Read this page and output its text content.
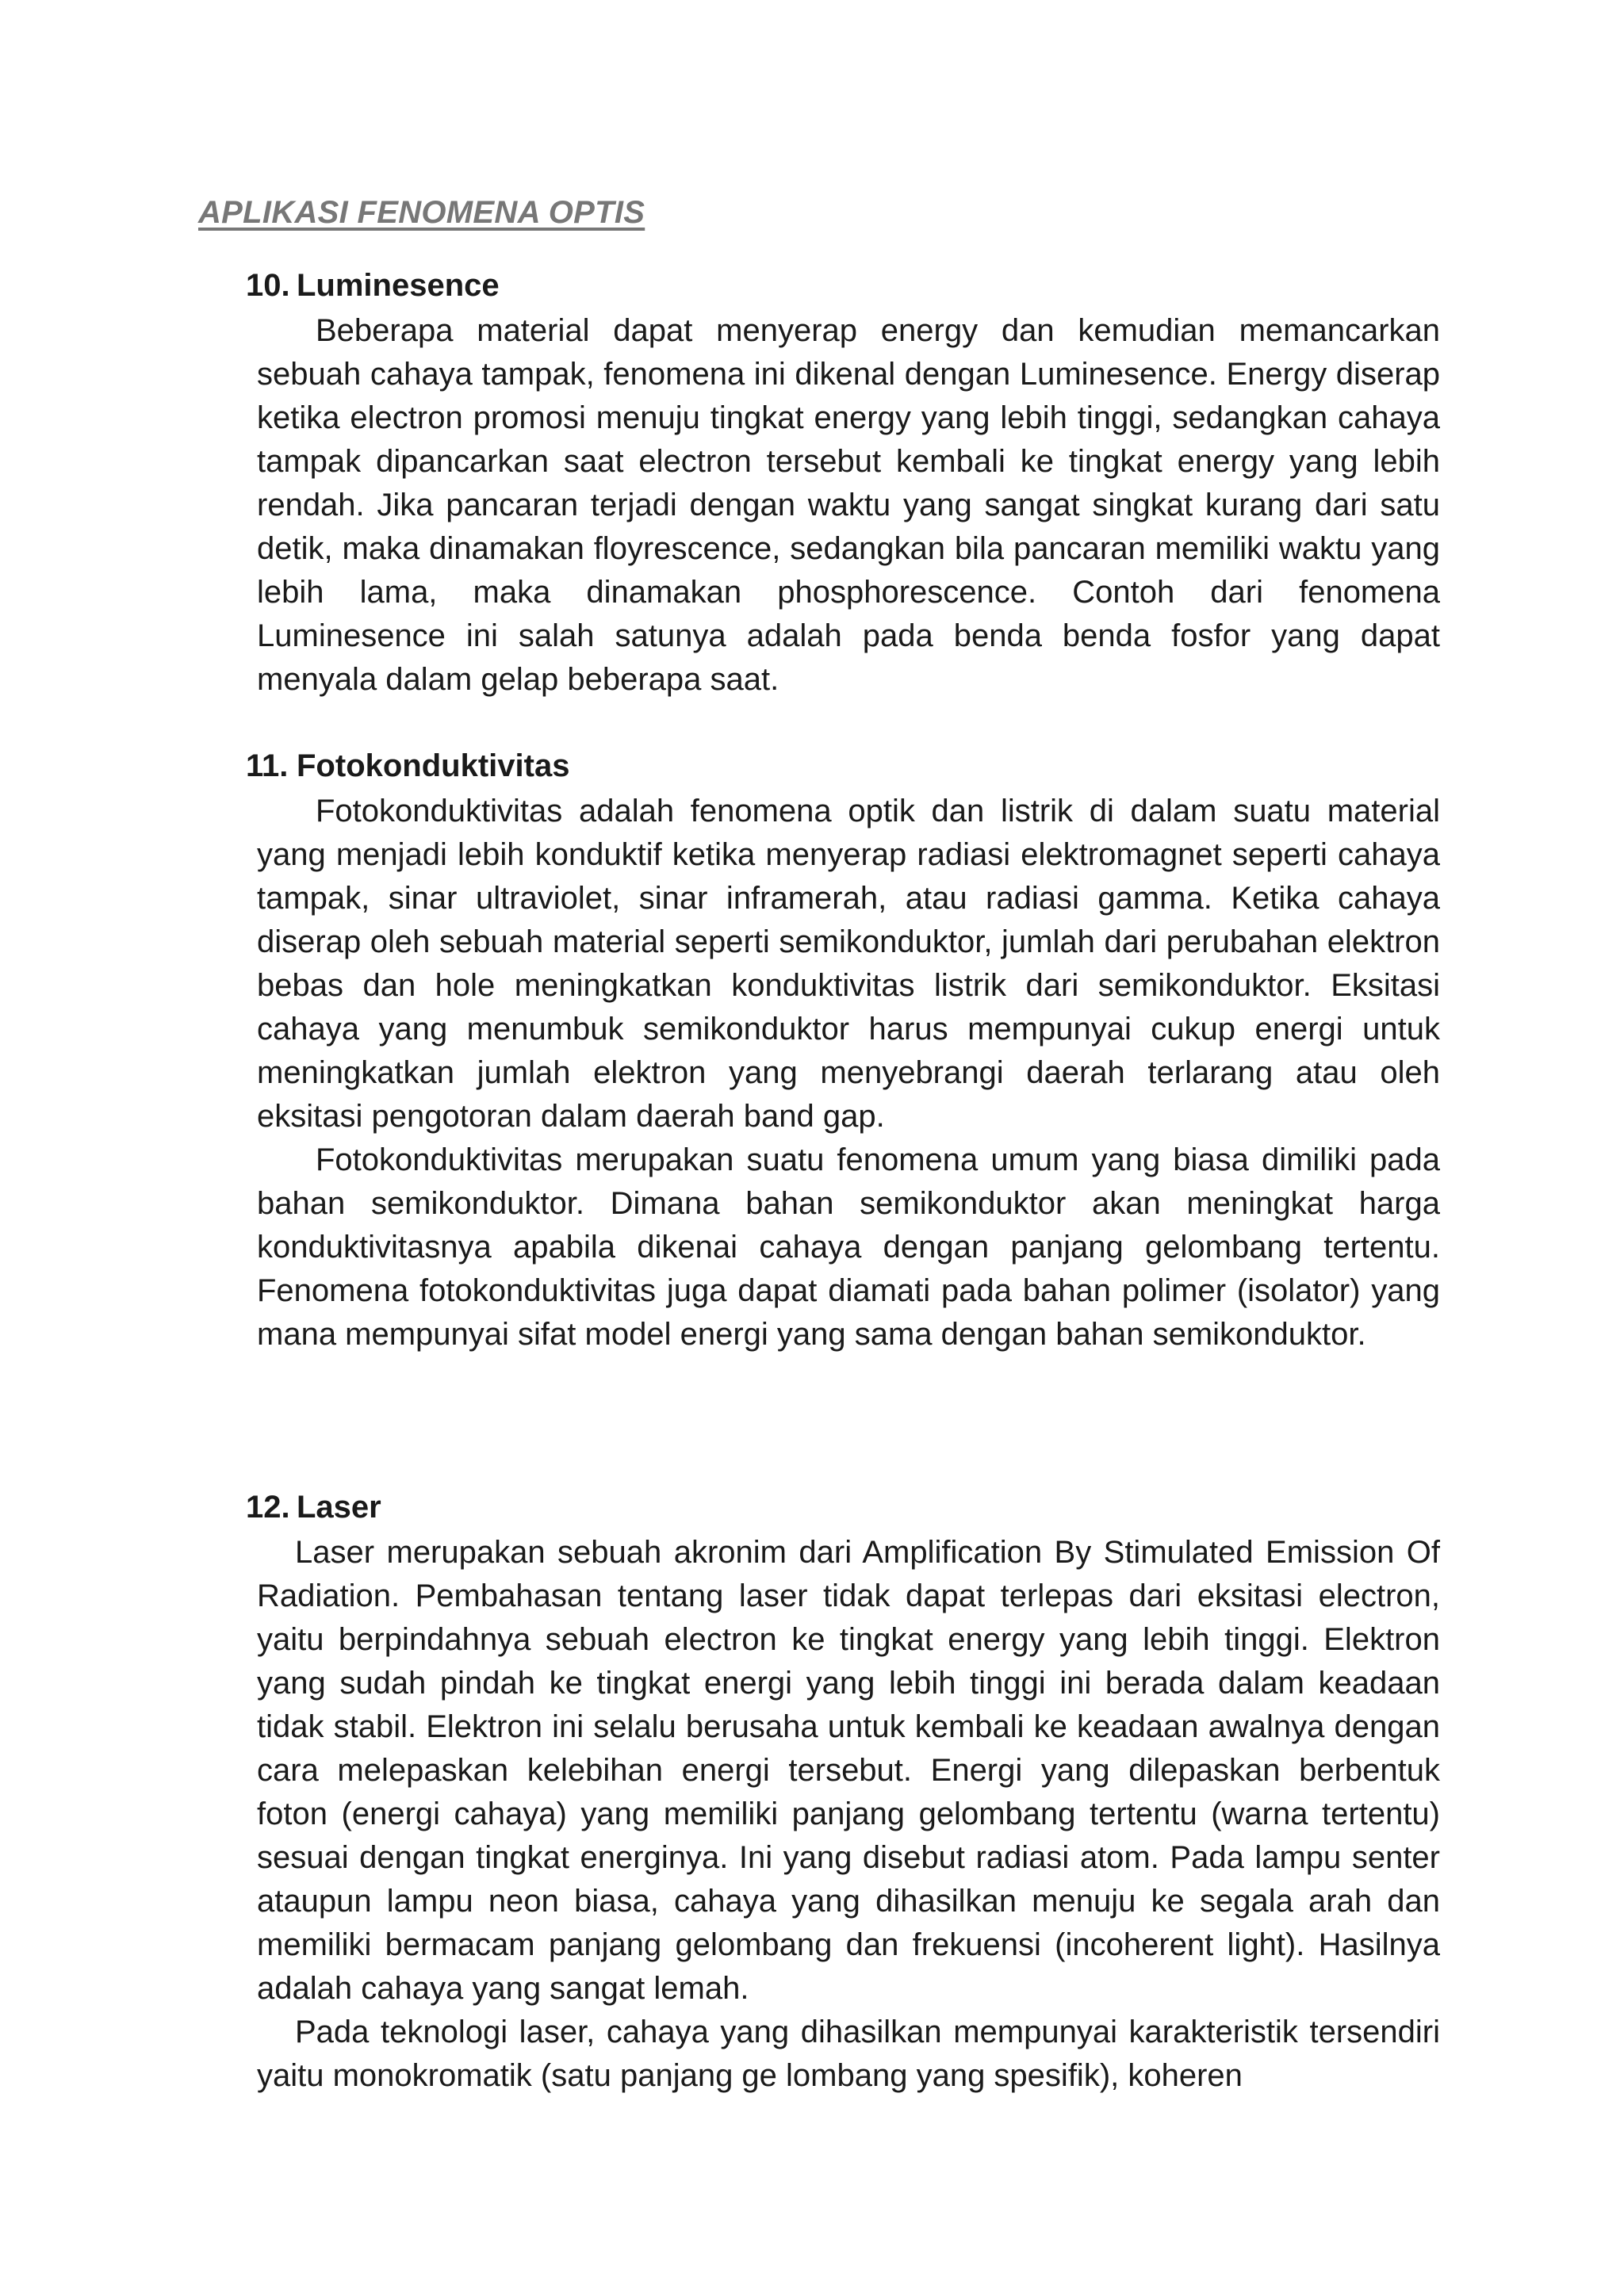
APLIKASI FENOMENA OPTIS
10. Luminesence

Beberapa material dapat menyerap energy dan kemudian memancarkan sebuah cahaya tampak, fenomena ini dikenal dengan Luminesence. Energy diserap ketika electron promosi menuju tingkat energy yang lebih tinggi, sedangkan cahaya tampak dipancarkan saat electron tersebut kembali ke tingkat energy yang lebih rendah. Jika pancaran terjadi dengan waktu yang sangat singkat kurang dari satu detik, maka dinamakan floyrescence, sedangkan bila pancaran memiliki waktu yang lebih lama, maka dinamakan phosphorescence. Contoh dari fenomena Luminesence ini salah satunya adalah pada benda benda fosfor yang dapat menyala dalam gelap beberapa saat.

11. Fotokonduktivitas

Fotokonduktivitas adalah fenomena optik dan listrik di dalam suatu material yang menjadi lebih konduktif ketika menyerap radiasi elektromagnet seperti cahaya tampak, sinar ultraviolet, sinar inframerah, atau radiasi gamma. Ketika cahaya diserap oleh sebuah material seperti semikonduktor, jumlah dari perubahan elektron bebas dan hole meningkatkan konduktivitas listrik dari semikonduktor. Eksitasi cahaya yang menumbuk semikonduktor harus mempunyai cukup energi untuk meningkatkan jumlah elektron yang menyebrangi daerah terlarang atau oleh eksitasi pengotoran dalam daerah band gap.

Fotokonduktivitas merupakan suatu fenomena umum yang biasa dimiliki pada bahan semikonduktor. Dimana bahan semikonduktor akan meningkat harga konduktivitasnya apabila dikenai cahaya dengan panjang gelombang tertentu. Fenomena fotokonduktivitas juga dapat diamati pada bahan polimer (isolator) yang mana mempunyai sifat model energi yang sama dengan bahan semikonduktor.

12. Laser

Laser merupakan sebuah akronim dari Amplification By Stimulated Emission Of Radiation. Pembahasan tentang laser tidak dapat terlepas dari eksitasi electron, yaitu berpindahnya sebuah electron ke tingkat energy yang lebih tinggi. Elektron yang sudah pindah ke tingkat energi yang lebih tinggi ini berada dalam keadaan tidak stabil. Elektron ini selalu berusaha untuk kembali ke keadaan awalnya dengan cara melepaskan kelebihan energi tersebut. Energi yang dilepaskan berbentuk foton (energi cahaya) yang memiliki panjang gelombang tertentu (warna tertentu) sesuai dengan tingkat energinya. Ini yang disebut radiasi atom. Pada lampu senter ataupun lampu neon biasa, cahaya yang dihasilkan menuju ke segala arah dan memiliki bermacam panjang gelombang dan frekuensi (incoherent light). Hasilnya adalah cahaya yang sangat lemah.

Pada teknologi laser, cahaya yang dihasilkan mempunyai karakteristik tersendiri yaitu monokromatik (satu panjang ge lombang yang spesifik), koheren
